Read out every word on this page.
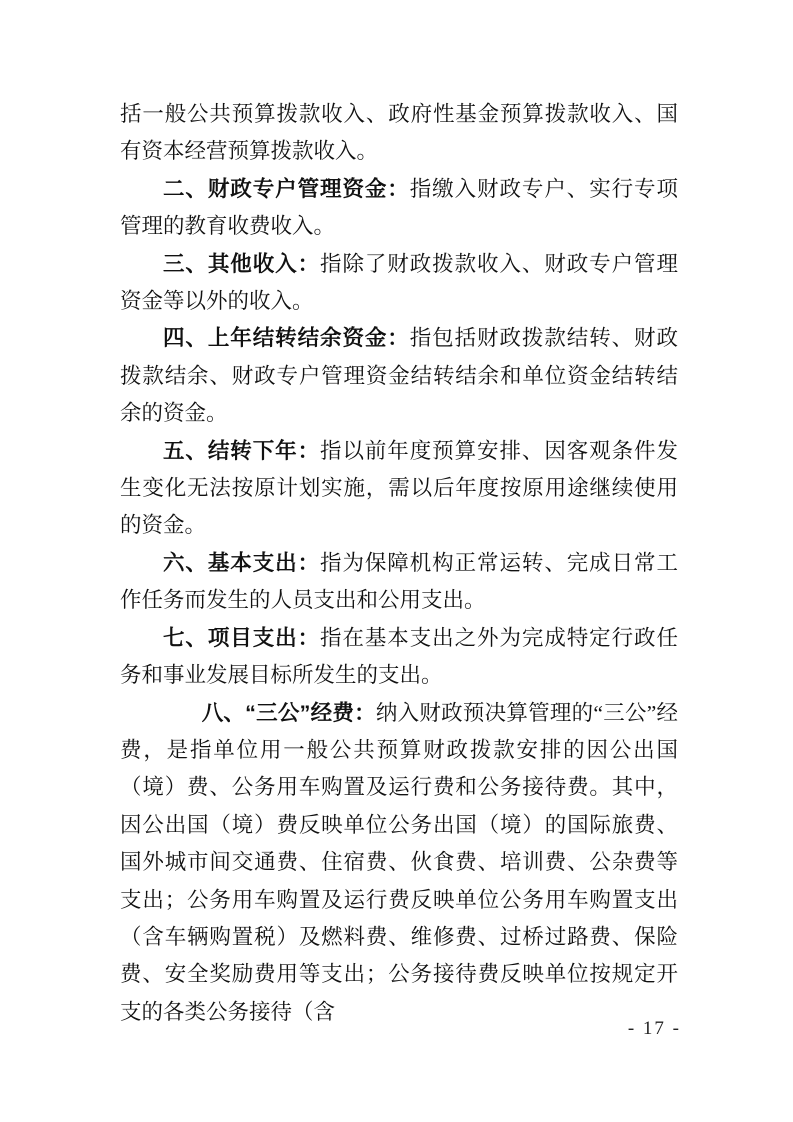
括一般公共预算拨款收入、政府性基金预算拨款收入、国有资本经营预算拨款收入。

二、财政专户管理资金：指缴入财政专户、实行专项管理的教育收费收入。

三、其他收入：指除了财政拨款收入、财政专户管理资金等以外的收入。

四、上年结转结余资金：指包括财政拨款结转、财政拨款结余、财政专户管理资金结转结余和单位资金结转结余的资金。

五、结转下年：指以前年度预算安排、因客观条件发生变化无法按原计划实施，需以后年度按原用途继续使用的资金。

六、基本支出：指为保障机构正常运转、完成日常工作任务而发生的人员支出和公用支出。

七、项目支出：指在基本支出之外为完成特定行政任务和事业发展目标所发生的支出。

八、“三公”经费：纳入财政预决算管理的“三公”经费，是指单位用一般公共预算财政拨款安排的因公出国（境）费、公务用车购置及运行费和公务接待费。其中，因公出国（境）费反映单位公务出国（境）的国际旅费、国外城市间交通费、住宿费、伙食费、培训费、公杂费等支出；公务用车购置及运行费反映单位公务用车购置支出（含车辆购置税）及燃料费、维修费、过桥过路费、保险费、安全奖励费用等支出；公务接待费反映单位按规定开支的各类公务接待（含

- 17 -
